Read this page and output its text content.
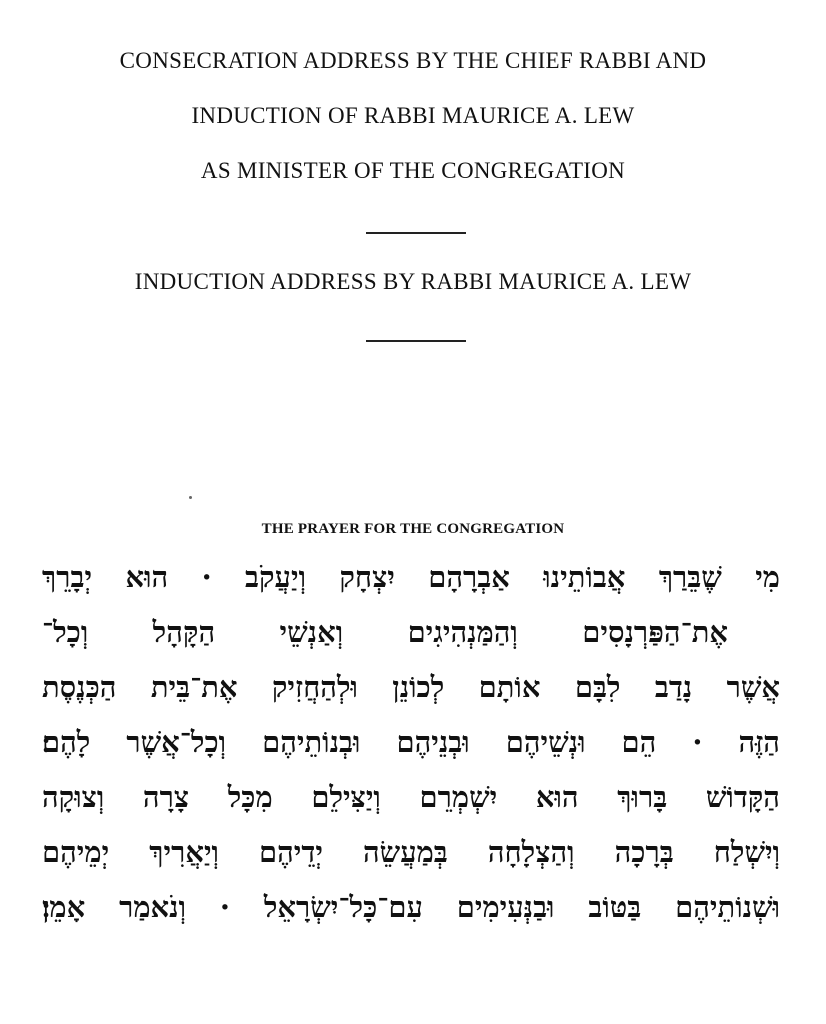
CONSECRATION ADDRESS BY THE CHIEF RABBI AND
INDUCTION OF RABBI MAURICE A. LEW
AS MINISTER OF THE CONGREGATION
INDUCTION ADDRESS BY RABBI MAURICE A. LEW
THE PRAYER FOR THE CONGREGATION
מִי שֶׁבֵּרַךְ אֲבוֹתֵינוּ אַבְרָהָם יִצְחָק וְיַעֲקֹב · הוּא יְבָרֵךְ
אֶת־הַפַּרְנָסִים וְהַמַּנְהִיגִים וְאַנְשֵׁי הַקָּהָל וְכָל־
אֲשֶׁר נָדַב לִבָּם אוֹתָם לְכוֹנֵן וּלְהַחֲזִיק אֶת־בֵּית הַכְּנֶסֶת
הַזֶּה · הֵם וּנְשֵׁיהֶם וּבְנֵיהֶם וּבְנוֹתֵיהֶם וְכָל־אֲשֶׁר לָהֶם׃
הַקָּדוֹשׁ בָּרוּךְ הוּא יִשְׁמְרֵם וְיַצִּילֵם מִכָּל צָרָה וְצוּקָה
וְיִשְׁלַח בְּרָכָה וְהַצְלָחָה בְּמַעֲשֵׂה יְדֵיהֶם וְיַאֲרִיךְ יְמֵיהֶם
וּשְׁנוֹתֵיהֶם בַּטּוֹב וּבַנְּעִימִים עִם־כָּל־יִשְׂרָאֵל · וְנֹאמַר אָמֵן׃
